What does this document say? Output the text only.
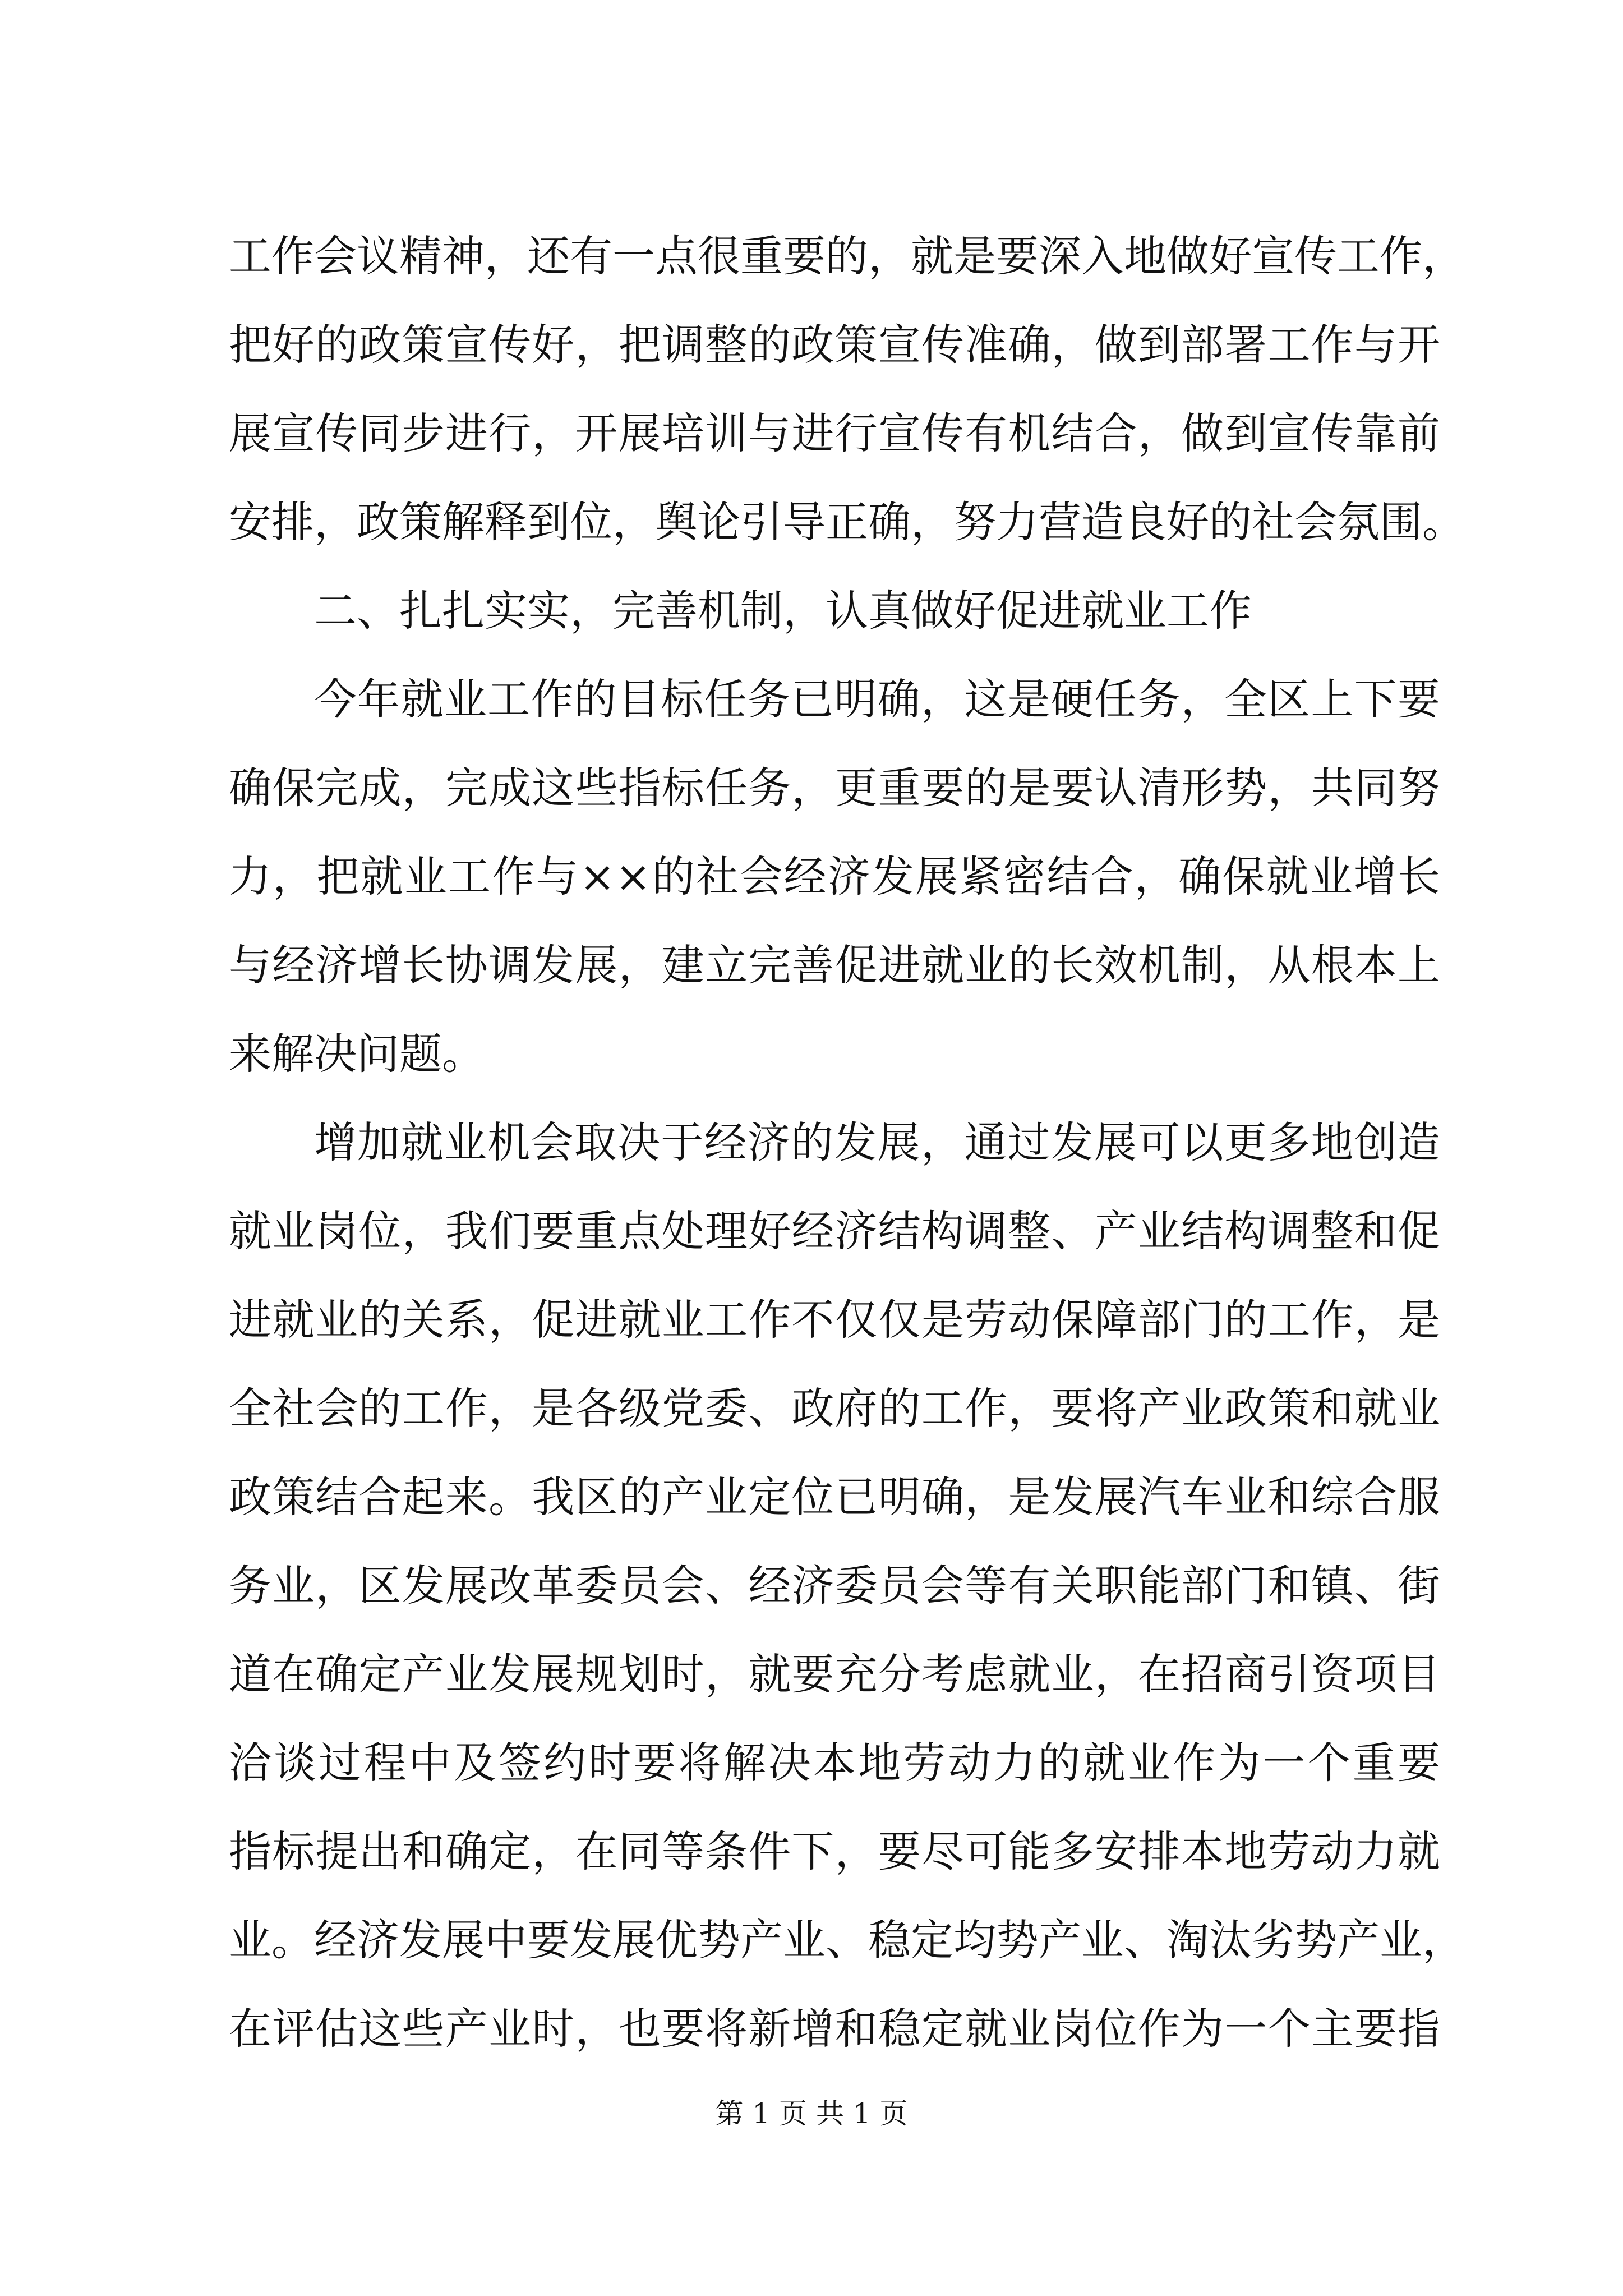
工作会议精神，还有一点很重要的，就是要深入地做好宣传工作，
把好的政策宣传好，把调整的政策宣传准确，做到部署工作与开
展宣传同步进行，开展培训与进行宣传有机结合，做到宣传靠前
安排，政策解释到位，舆论引导正确，努力营造良好的社会氛围。
二、扎扎实实，完善机制，认真做好促进就业工作
今年就业工作的目标任务已明确，这是硬任务，全区上下要
确保完成，完成这些指标任务，更重要的是要认清形势，共同努
力，把就业工作与××的社会经济发展紧密结合，确保就业增长
与经济增长协调发展，建立完善促进就业的长效机制，从根本上
来解决问题。
增加就业机会取决于经济的发展，通过发展可以更多地创造
就业岗位，我们要重点处理好经济结构调整、产业结构调整和促
进就业的关系，促进就业工作不仅仅是劳动保障部门的工作，是
全社会的工作，是各级党委、政府的工作，要将产业政策和就业
政策结合起来。我区的产业定位已明确，是发展汽车业和综合服
务业，区发展改革委员会、经济委员会等有关职能部门和镇、街
道在确定产业发展规划时，就要充分考虑就业，在招商引资项目
洽谈过程中及签约时要将解决本地劳动力的就业作为一个重要
指标提出和确定，在同等条件下，要尽可能多安排本地劳动力就
业。经济发展中要发展优势产业、稳定均势产业、淘汰劣势产业，
在评估这些产业时，也要将新增和稳定就业岗位作为一个主要指
第 1 页 共 1 页
